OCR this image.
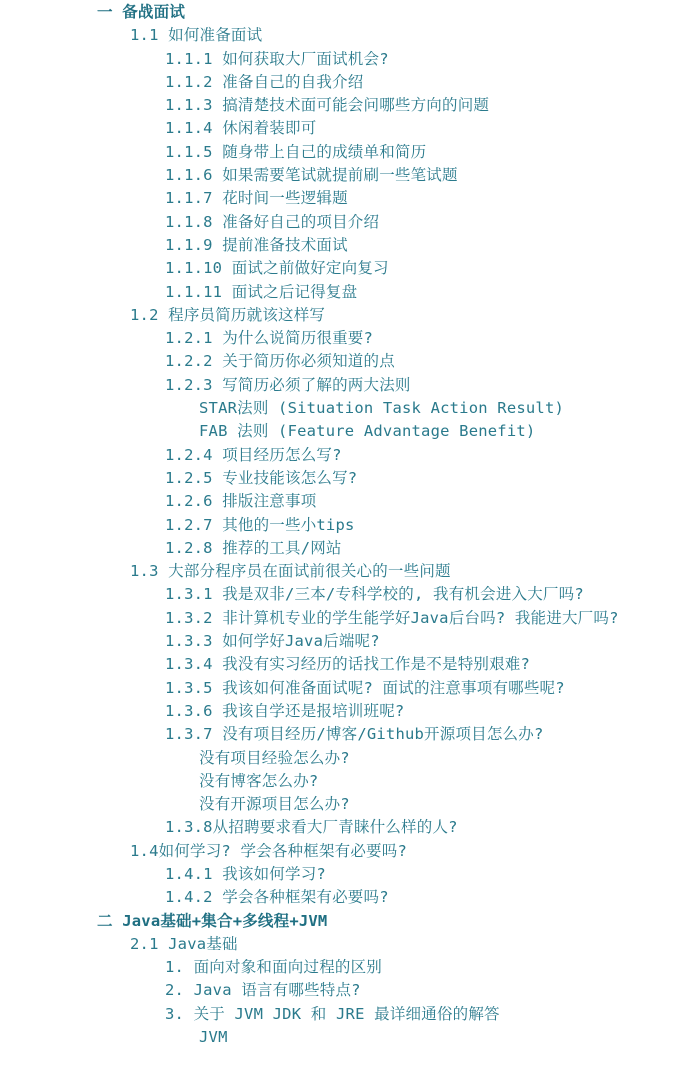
一 备战面试
1.1 如何准备面试
1.1.1 如何获取大厂面试机会?
1.1.2 准备自己的自我介绍
1.1.3 搞清楚技术面可能会问哪些方向的问题
1.1.4 休闲着装即可
1.1.5 随身带上自己的成绩单和简历
1.1.6 如果需要笔试就提前刷一些笔试题
1.1.7 花时间一些逻辑题
1.1.8 准备好自己的项目介绍
1.1.9 提前准备技术面试
1.1.10 面试之前做好定向复习
1.1.11 面试之后记得复盘
1.2 程序员简历就该这样写
1.2.1 为什么说简历很重要?
1.2.2 关于简历你必须知道的点
1.2.3 写简历必须了解的两大法则
STAR法则 (Situation Task Action Result)
FAB 法则 (Feature Advantage Benefit)
1.2.4 项目经历怎么写?
1.2.5 专业技能该怎么写?
1.2.6 排版注意事项
1.2.7 其他的一些小tips
1.2.8 推荐的工具/网站
1.3 大部分程序员在面试前很关心的一些问题
1.3.1 我是双非/三本/专科学校的, 我有机会进入大厂吗?
1.3.2 非计算机专业的学生能学好Java后台吗? 我能进大厂吗?
1.3.3 如何学好Java后端呢?
1.3.4 我没有实习经历的话找工作是不是特别艰难?
1.3.5 我该如何准备面试呢? 面试的注意事项有哪些呢?
1.3.6 我该自学还是报培训班呢?
1.3.7 没有项目经历/博客/Github开源项目怎么办?
没有项目经验怎么办?
没有博客怎么办?
没有开源项目怎么办?
1.3.8从招聘要求看大厂青睐什么样的人?
1.4如何学习? 学会各种框架有必要吗?
1.4.1 我该如何学习?
1.4.2 学会各种框架有必要吗?
二 Java基础+集合+多线程+JVM
2.1 Java基础
1. 面向对象和面向过程的区别
2. Java 语言有哪些特点?
3. 关于 JVM JDK 和 JRE 最详细通俗的解答
JVM
